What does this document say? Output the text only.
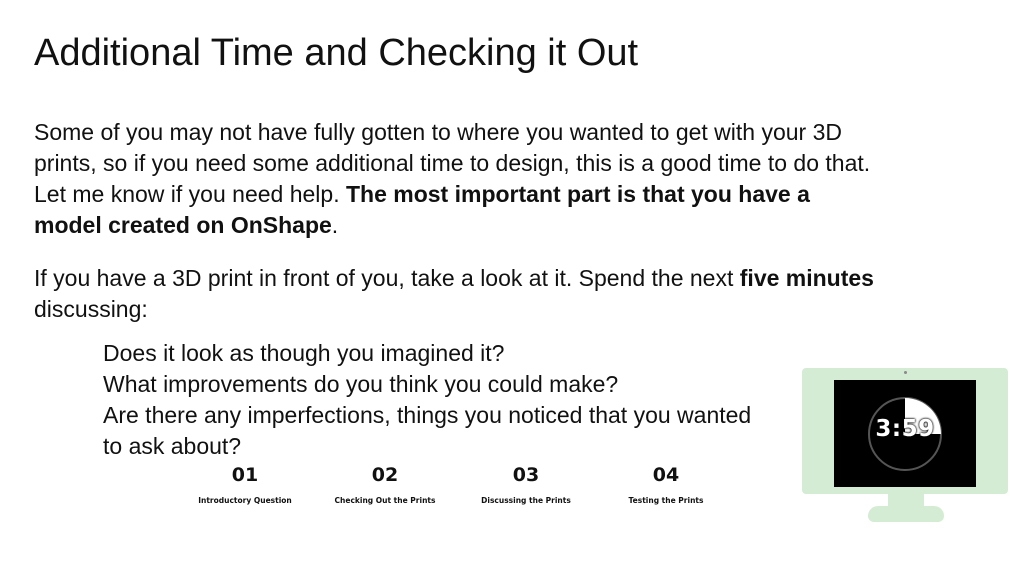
Additional Time and Checking it Out
Some of you may not have fully gotten to where you wanted to get with your 3D prints, so if you need some additional time to design, this is a good time to do that. Let me know if you need help. The most important part is that you have a model created on OnShape.
If you have a 3D print in front of you, take a look at it. Spend the next five minutes discussing:
Does it look as though you imagined it?
What improvements do you think you could make?
Are there any imperfections, things you noticed that you wanted to ask about?
01
Introductory Question
02
Checking Out the Prints
03
Discussing the Prints
04
Testing the Prints
3:59
